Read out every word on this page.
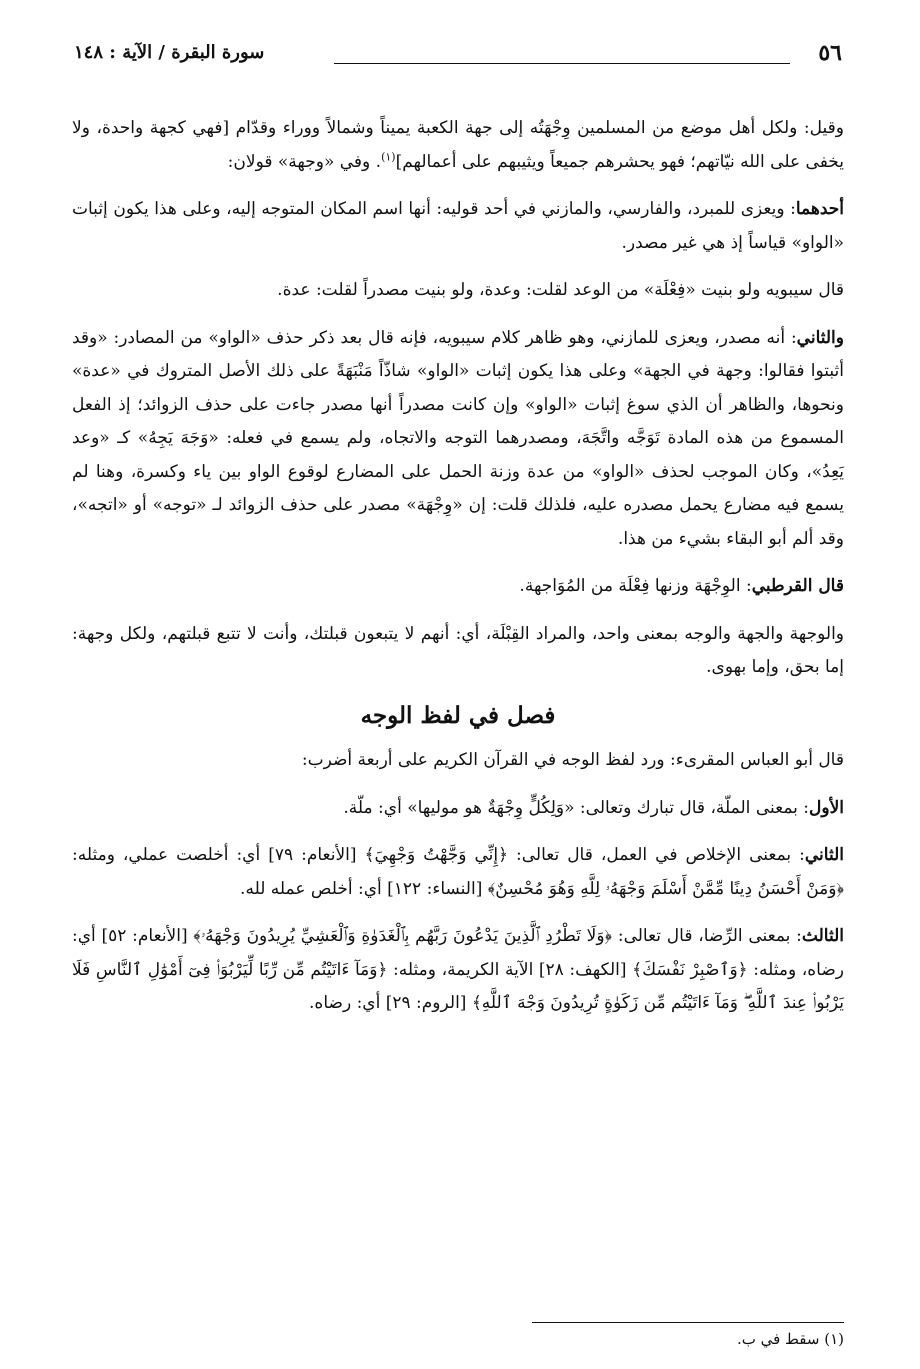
٥٦
سورة البقرة / الآية : ١٤٨

وقيل: ولكل أهل موضع من المسلمين وِجْهَتُه إلى جهة الكعبة يميناً وشمالاً ووراء وقدّام [فهي كجهة واحدة، ولا يخفى على الله نيّاتهم؛ فهو يحشرهم جميعاً ويثيبهم على أعمالهم]$^{(١)}$. وفي «وجهة» قولان:

أحدهما: ويعزى للمبرد، والفارسي، والمازني في أحد قوليه: أنها اسم المكان المتوجه إليه، وعلى هذا يكون إثبات «الواو» قياساً إذ هي غير مصدر.

قال سيبويه ولو بنيت «فِعْلَة» من الوعد لقلت: وعدة، ولو بنيت مصدراً لقلت: عدة.

والثاني: أنه مصدر، ويعزى للمازني، وهو ظاهر كلام سيبويه، فإنه قال بعد ذكر حذف «الواو» من المصادر: «وقد أثبتوا فقالوا: وجهة في الجهة» وعلى هذا يكون إثبات «الواو» شاذّاً مَنْبَهَةً على ذلك الأصل المتروك في «عدة» ونحوها، والظاهر أن الذي سوغ إثبات «الواو» وإن كانت مصدراً أنها مصدر جاءت على حذف الزوائد؛ إذ الفعل المسموع من هذه المادة تَوَجَّه واتَّجَهَ، ومصدرهما التوجه والاتجاه، ولم يسمع في فعله: «وَجَهَ يَجِهُ» كـ «وعد يَعِدُ»، وكان الموجب لحذف «الواو» من عدة وزنة الحمل على المضارع لوقوع الواو بين ياء وكسرة، وهنا لم يسمع فيه مضارع يحمل مصدره عليه، فلذلك قلت: إن «وِجْهَة» مصدر على حذف الزوائد لـ «توجه» أو «اتجه»، وقد ألم أبو البقاء بشيء من هذا.

قال القرطبي: الوِجْهَة وزنها فِعْلَة من المُوَاجهة.

والوجهة والجهة والوجه بمعنى واحد، والمراد القِبْلَة، أي: أنهم لا يتبعون قبلتك، وأنت لا تتبع قبلتهم، ولكل وجهة: إما بحق، وإما بهوى.

فصل في لفظ الوجه

قال أبو العباس المقرىء: ورد لفظ الوجه في القرآن الكريم على أربعة أضرب:

الأول: بمعنى الملّة، قال تبارك وتعالى: «وَلِكُلٍّ وِجْهَةٌ هو موليها» أي: ملّة.

الثاني: بمعنى الإخلاص في العمل، قال تعالى: ﴿إِنِّي وَجَّهْتُ وَجْهِيَ﴾ [الأنعام: ٧٩] أي: أخلصت عملي، ومثله: ﴿وَمَنْ أَحْسَنُ دِينًا مِّمَّنْ أَسْلَمَ وَجْهَهُۥ لِلَّهِ وَهُوَ مُحْسِنٌ﴾ [النساء: ١٢٢] أي: أخلص عمله لله.

الثالث: بمعنى الرِّضا، قال تعالى: ﴿وَلَا تَطْرُدِ ٱلَّذِينَ يَدْعُونَ رَبَّهُم بِٱلْغَدَوٰةِ وَٱلْعَشِيِّ يُرِيدُونَ وَجْهَهُۥ﴾ [الأنعام: ٥٢] أي: رضاه، ومثله: ﴿وَٱصْبِرْ نَفْسَكَ﴾ [الكهف: ٢٨] الآية الكريمة، ومثله: ﴿وَمَآ ءَاتَيْتُم مِّن رِّبًا لِّيَرْبُوَا۟ فِىٓ أَمْوَٰلِ ٱلنَّاسِ فَلَا يَرْبُوا۟ عِندَ ٱللَّهِ ۖ وَمَآ ءَاتَيْتُم مِّن زَكَوٰةٍ تُرِيدُونَ وَجْهَ ٱللَّهِ﴾ [الروم: ٢٩] أي: رضاه.

(١) سقط في ب.
